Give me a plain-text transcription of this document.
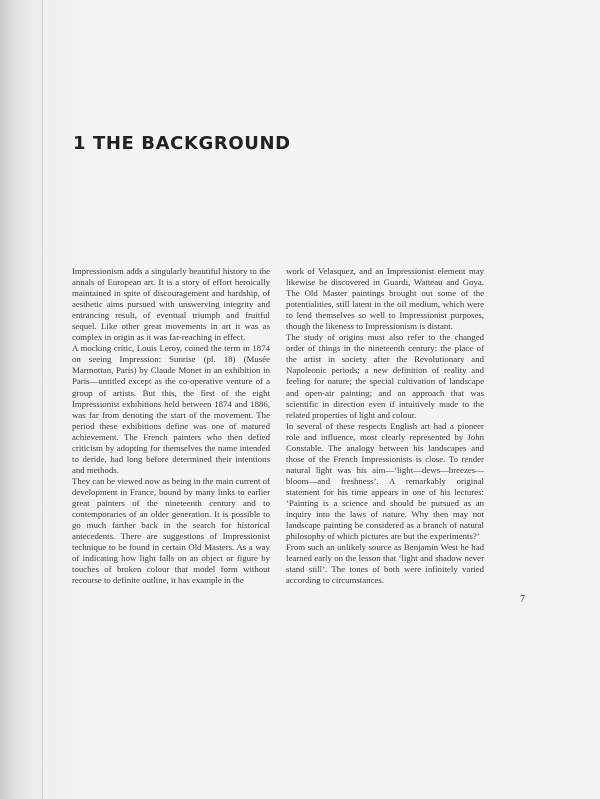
1 THE BACKGROUND

Impressionism adds a singularly beautiful history to the annals of European art. It is a story of effort heroically maintained in spite of discouragement and hardship, of aesthetic aims pursued with unswerving integrity and entrancing result, of eventual triumph and fruitful sequel. Like other great movements in art it was as complex in origin as it was far-reaching in effect.

A mocking critic, Louis Leroy, coined the term in 1874 on seeing Impression: Sunrise (pl. 18) (Musée Marmottan, Paris) by Claude Monet in an exhibition in Paris—untitled except as the co-operative venture of a group of artists. But this, the first of the eight Impressionist exhibitions held between 1874 and 1886, was far from denoting the start of the movement. The period these exhibitions define was one of matured achievement. The French painters who then defied criticism by adopting for themselves the name intended to deride, had long before determined their intentions and methods.

They can be viewed now as being in the main current of development in France, bound by many links to earlier great painters of the nineteenth century and to contemporaries of an older generation. It is possible to go much farther back in the search for historical antecedents. There are suggestions of Impressionist technique to be found in certain Old Masters. As a way of indicating how light falls on an object or figure by touches of broken colour that model form without recourse to definite outline, it has example in the

work of Velasquez, and an Impressionist element may likewise be discovered in Guardi, Watteau and Goya. The Old Master paintings brought out some of the potentialities, still latent in the oil medium, which were to lend themselves so well to Impressionist purposes, though the likeness to Impressionism is distant.

The study of origins must also refer to the changed order of things in the nineteenth century: the place of the artist in society after the Revolutionary and Napoleonic periods; a new definition of reality and feeling for nature; the special cultivation of landscape and open-air painting; and an approach that was scientific in direction even if intuitively made to the related properties of light and colour.

In several of these respects English art had a pioneer role and influence, most clearly represented by John Constable. The analogy between his landscapes and those of the French Impressionists is close. To render natural light was his aim—‘light—dews—breezes—bloom—and freshness’. A remarkably original statement for his time appears in one of his lectures: ‘Painting is a science and should be pursued as an inquiry into the laws of nature. Why then may not landscape painting be considered as a branch of natural philosophy of which pictures are but the experiments?’

From such an unlikely source as Benjamin West he had learned early on the lesson that ‘light and shadow never stand still’. The tones of both were infinitely varied according to circumstances.

7
